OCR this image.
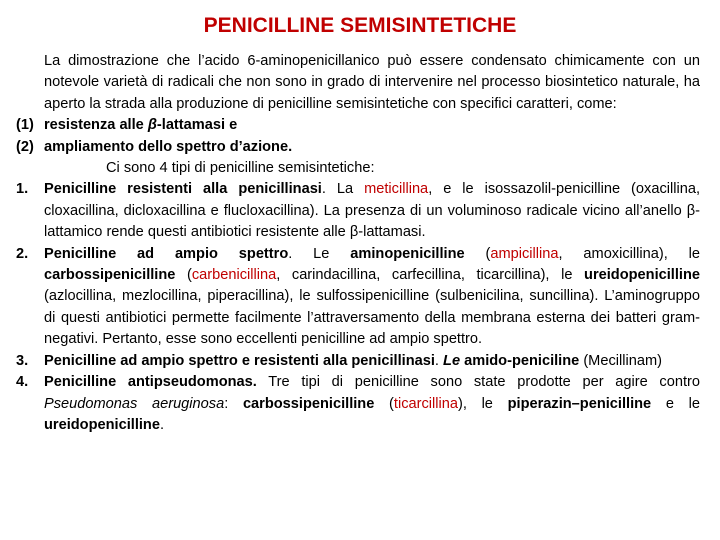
PENICILLINE SEMISINTETICHE

La dimostrazione che l’acido 6-aminopenicillanico può essere condensato chimicamente con un notevole varietà di radicali che non sono in grado di intervenire nel processo biosintetico naturale, ha aperto la strada alla produzione di penicilline semisintetiche con specifici caratteri, come:

(1) resistenza alle β-lattamasi e
(2) ampliamento dello spettro d’azione.

Ci sono 4 tipi di penicilline semisintetiche:

1.	Penicilline resistenti alla penicillinasi. La meticillina, e le isossazolil-penicilline (oxacillina, cloxacillina, dicloxacillina e flucloxacillina). La presenza di un voluminoso radicale vicino all’anello β-lattamico rende questi antibiotici resistente alle β-lattamasi.
2.	Penicilline ad ampio spettro. Le aminopenicilline (ampicillina, amoxicillina), le carbossipenicilline (carbenicillina, carindacillina, carfecillina, ticarcillina), le ureidopenicilline (azlocillina, mezlocillina, piperacillina), le sulfossipenicilline (sulbenicilina, suncillina). L’aminogruppo di questi antibiotici permette facilmente l’attraversamento della membrana esterna dei batteri gram-negativi. Pertanto, esse sono eccellenti penicilline ad ampio spettro.
3.	Penicilline ad ampio spettro e resistenti alla penicillinasi. Le amido-peniciline (Mecillinam)
4.	Penicilline antipseudomonas. Tre tipi di penicilline sono state prodotte per agire contro Pseudomonas aeruginosa: carbossipenicilline (ticarcillina), le piperazin–penicilline e le ureidopenicilline.
